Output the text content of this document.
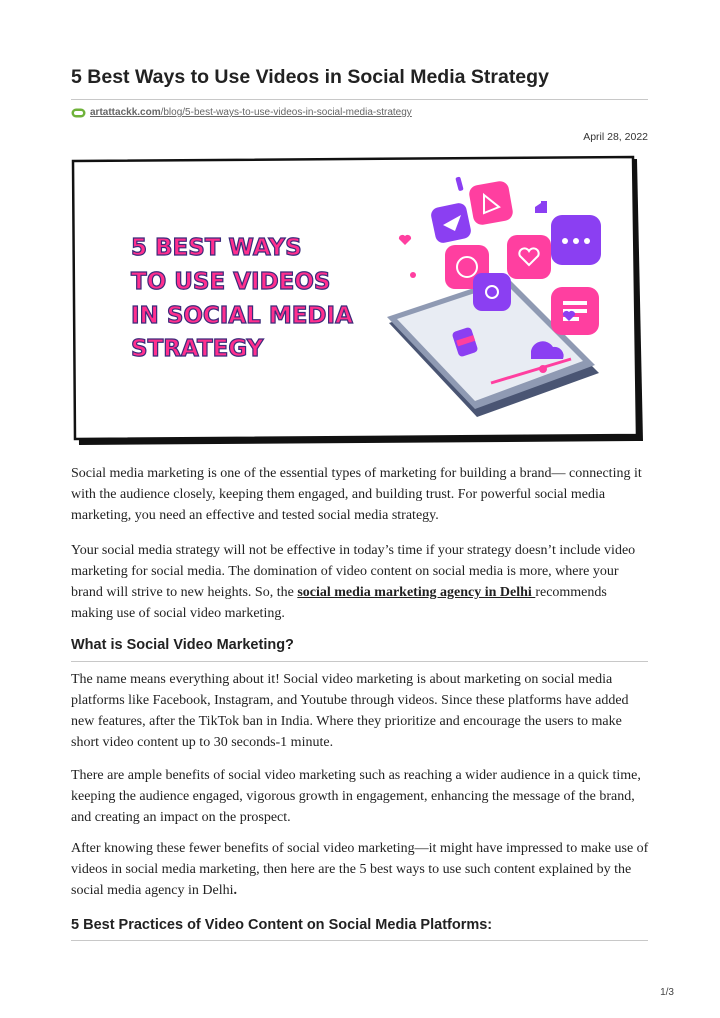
5 Best Ways to Use Videos in Social Media Strategy
artattackk.com /blog/5-best-ways-to-use-videos-in-social-media-strategy
April 28, 2022
5 BEST WAYS
TO USE VIDEOS
IN SOCIAL MEDIA
STRATEGY

Social media marketing is one of the essential types of marketing for building a brand— connecting it with the audience closely, keeping them engaged, and building trust. For powerful social media marketing, you need an effective and tested social media strategy.

Your social media strategy will not be effective in today’s time if your strategy doesn’t include video marketing for social media. The domination of video content on social media is more, where your brand will strive to new heights. So, the social media marketing agency in Delhi recommends making use of social video marketing.

What is Social Video Marketing?

The name means everything about it! Social video marketing is about marketing on social media platforms like Facebook, Instagram, and Youtube through videos. Since these platforms have added new features, after the TikTok ban in India. Where they prioritize and encourage the users to make short video content up to 30 seconds-1 minute.

There are ample benefits of social video marketing such as reaching a wider audience in a quick time, keeping the audience engaged, vigorous growth in engagement, enhancing the message of the brand, and creating an impact on the prospect.

After knowing these fewer benefits of social video marketing—it might have impressed to make use of videos in social media marketing, then here are the 5 best ways to use such content explained by the social media agency in Delhi.

5 Best Practices of Video Content on Social Media Platforms:
1/3
